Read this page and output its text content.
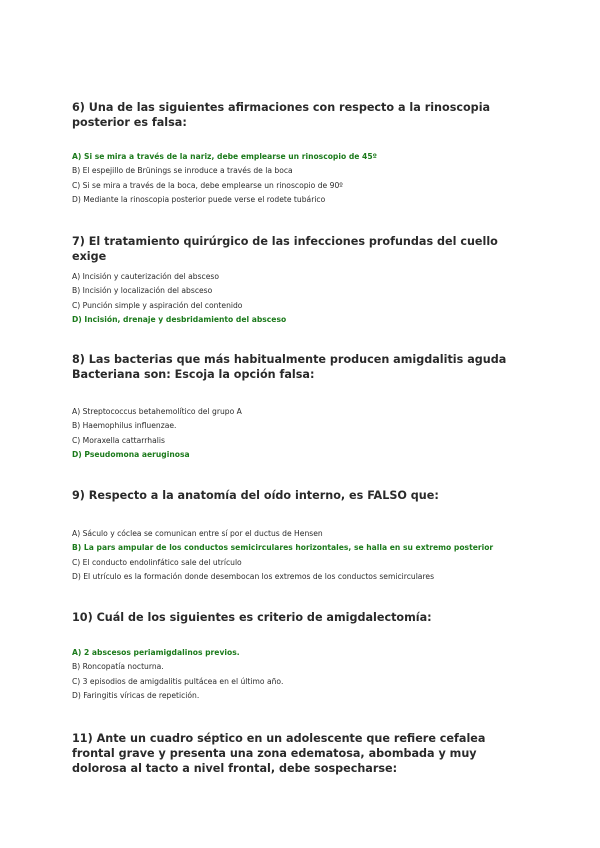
6) Una de las siguientes afirmaciones con respecto a la rinoscopia posterior es falsa:

A) Si se mira a través de la nariz, debe emplearse un rinoscopio de 45º
B) El espejillo de Brünings se inroduce a través de la boca
C) Si se mira a través de la boca, debe emplearse un rinoscopio de 90º
D) Mediante la rinoscopia posterior puede verse el rodete tubárico

7) El tratamiento quirúrgico de las infecciones profundas del cuello exige

A) Incisión y cauterización del absceso
B) Incisión y localización del absceso
C) Punción simple y aspiración del contenido
D) Incisión, drenaje y desbridamiento del absceso

8) Las bacterias que más habitualmente producen amigdalitis aguda Bacteriana son: Escoja la opción falsa:

A) Streptococcus betahemolítico del grupo A
B) Haemophilus influenzae.
C) Moraxella cattarrhalis
D) Pseudomona aeruginosa

9) Respecto a la anatomía del oído interno, es FALSO que:

A) Sáculo y cóclea se comunican entre sí por el ductus de Hensen
B) La pars ampular de los conductos semicirculares horizontales, se halla en su extremo posterior
C) El conducto endolinfático sale del utrículo
D) El utrículo es la formación donde desembocan los extremos de los conductos semicirculares

10) Cuál de los siguientes es criterio de amigdalectomía:

A) 2 abscesos periamigdalinos previos.
B) Roncopatía nocturna.
C) 3 episodios de amigdalitis pultácea en el último año.
D) Faringitis víricas de repetición.

11) Ante un cuadro séptico en un adolescente que refiere cefalea frontal grave y presenta una zona edematosa, abombada y muy dolorosa al tacto a nivel frontal, debe sospecharse:
